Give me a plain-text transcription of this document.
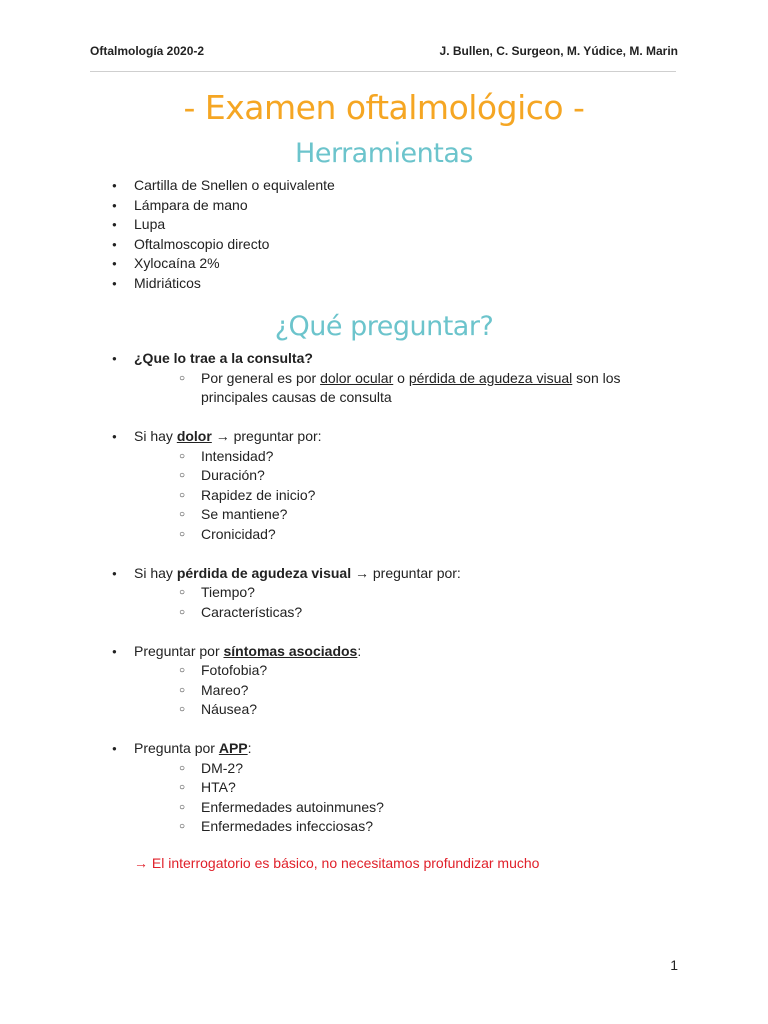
Oftalmología 2020-2	J. Bullen, C. Surgeon, M. Yúdice, M. Marin
- Examen oftalmológico -
Herramientas
● Cartilla de Snellen o equivalente
● Lámpara de mano
● Lupa
● Oftalmoscopio directo
● Xylocaína 2%
● Midriáticos
¿Qué preguntar?
● ¿Que lo trae a la consulta?
○ Por general es por dolor ocular o pérdida de agudeza visual son los principales causas de consulta
● Si hay dolor → preguntar por:
○ Intensidad?
○ Duración?
○ Rapidez de inicio?
○ Se mantiene?
○ Cronicidad?
● Si hay pérdida de agudeza visual → preguntar por:
○ Tiempo?
○ Características?
● Preguntar por síntomas asociados:
○ Fotofobia?
○ Mareo?
○ Náusea?
● Pregunta por APP:
○ DM-2?
○ HTA?
○ Enfermedades autoinmunes?
○ Enfermedades infecciosas?
→ El interrogatorio es básico, no necesitamos profundizar mucho
1
